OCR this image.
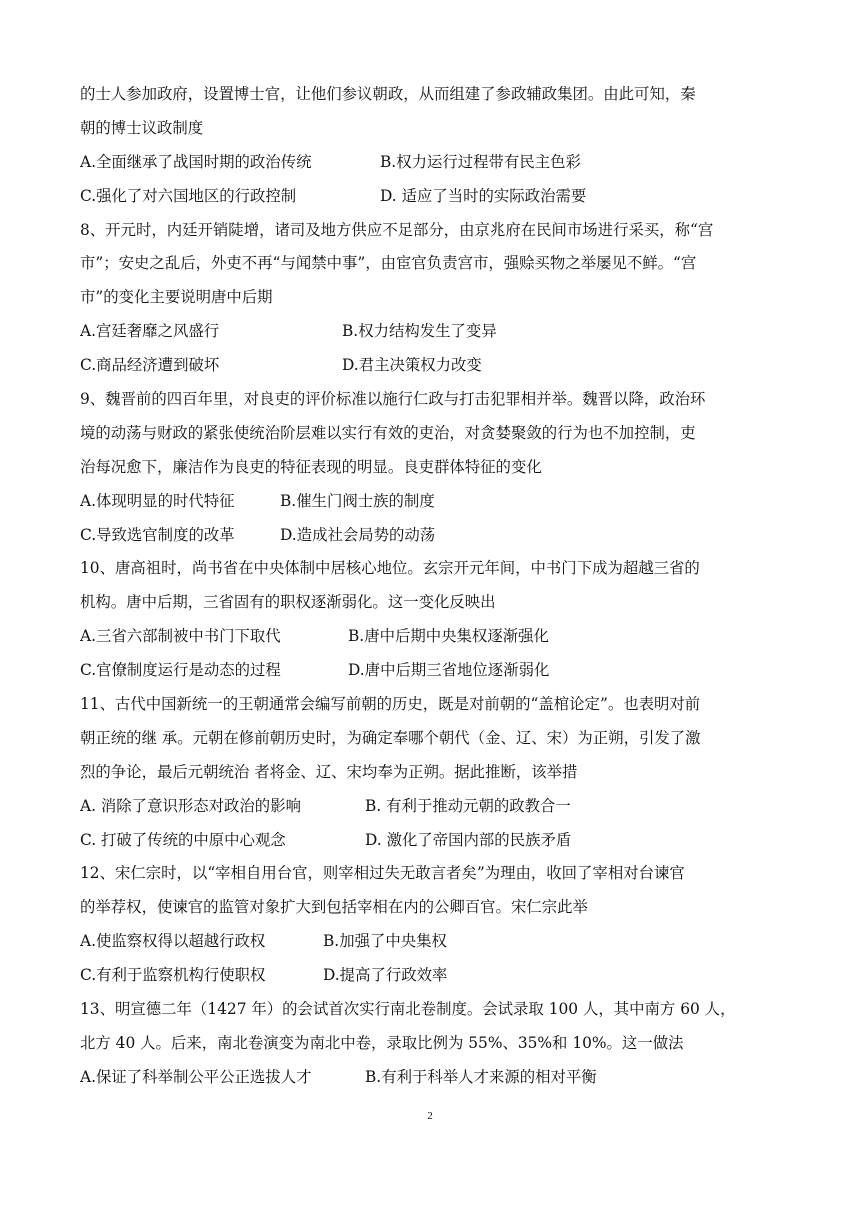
的士人参加政府，设置博士官，让他们参议朝政，从而组建了参政辅政集团。由此可知，秦
朝的博士议政制度
A.全面继承了战国时期的政治传统	B.权力运行过程带有民主色彩
C.强化了对六国地区的行政控制	D. 适应了当时的实际政治需要
8、开元时，内廷开销陡增，诸司及地方供应不足部分，由京兆府在民间市场进行采买，称“宫
市”；安史之乱后，外吏不再“与闻禁中事”，由宦官负责宫市，强赊买物之举屡见不鲜。“宫
市”的变化主要说明唐中后期
A.宫廷奢靡之风盛行	B.权力结构发生了变异
C.商品经济遭到破坏	D.君主决策权力改变
9、魏晋前的四百年里，对良吏的评价标准以施行仁政与打击犯罪相并举。魏晋以降，政治环
境的动荡与财政的紧张使统治阶层难以实行有效的吏治，对贪婪聚敛的行为也不加控制，吏
治每况愈下，廉洁作为良吏的特征表现的明显。良吏群体特征的变化
A.体现明显的时代特征	B.催生门阀士族的制度
C.导致选官制度的改革	D.造成社会局势的动荡
10、唐高祖时，尚书省在中央体制中居核心地位。玄宗开元年间，中书门下成为超越三省的
机构。唐中后期，三省固有的职权逐渐弱化。这一变化反映出
A.三省六部制被中书门下取代	B.唐中后期中央集权逐渐强化
C.官僚制度运行是动态的过程	D.唐中后期三省地位逐渐弱化
11、古代中国新统一的王朝通常会编写前朝的历史，既是对前朝的“盖棺论定”。也表明对前
朝正统的继 承。元朝在修前朝历史时，为确定奉哪个朝代（金、辽、宋）为正朔，引发了激
烈的争论，最后元朝统治 者将金、辽、宋均奉为正朔。据此推断，该举措
A. 消除了意识形态对政治的影响	B. 有利于推动元朝的政教合一
C. 打破了传统的中原中心观念	D. 激化了帝国内部的民族矛盾
12、宋仁宗时，以“宰相自用台官，则宰相过失无敢言者矣”为理由，收回了宰相对台谏官
的举荐权，使谏官的监管对象扩大到包括宰相在内的公卿百官。宋仁宗此举
A.使监察权得以超越行政权	B.加强了中央集权
C.有利于监察机构行使职权	D.提高了行政效率
13、明宣德二年（1427 年）的会试首次实行南北卷制度。会试录取 100 人，其中南方 60 人，
北方 40 人。后来，南北卷演变为南北中卷，录取比例为 55%、35%和 10%。这一做法
A.保证了科举制公平公正选拔人才	B.有利于科举人才来源的相对平衡
2
